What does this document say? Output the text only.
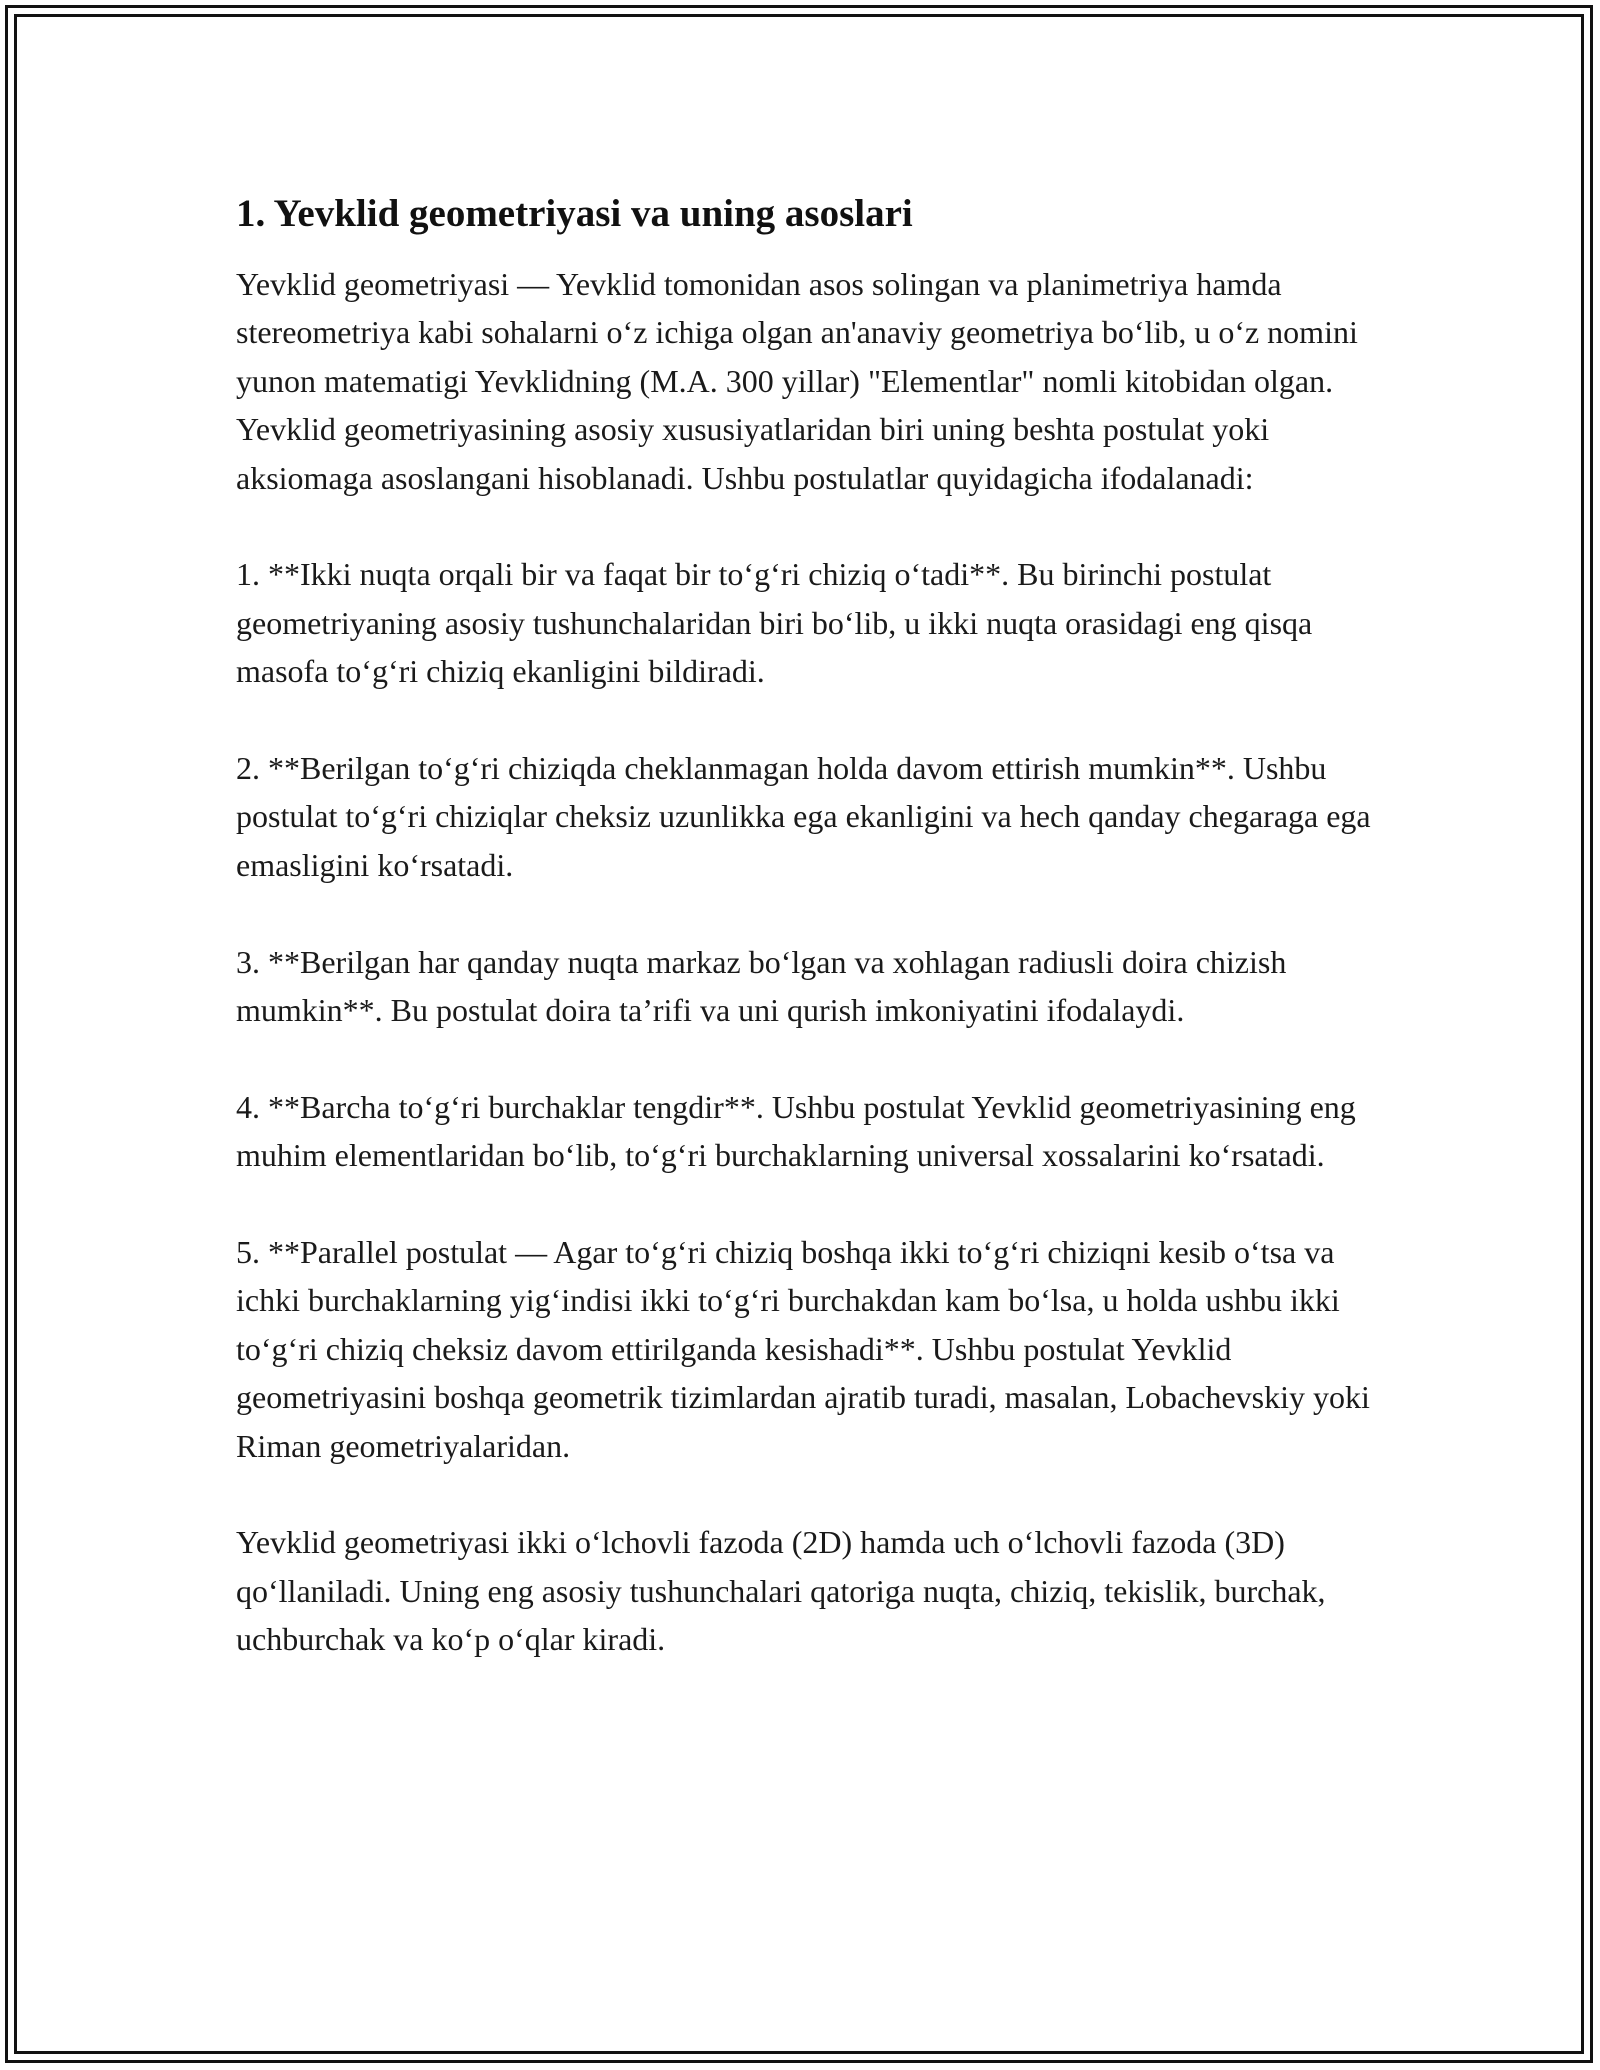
1. Yevklid geometriyasi va uning asoslari

Yevklid geometriyasi — Yevklid tomonidan asos solingan va planimetriya hamda stereometriya kabi sohalarni o‘z ichiga olgan an'anaviy geometriya bo‘lib, u o‘z nomini yunon matematigi Yevklidning (M.A. 300 yillar) "Elementlar" nomli kitobidan olgan. Yevklid geometriyasining asosiy xususiyatlaridan biri uning beshta postulat yoki aksiomaga asoslangani hisoblanadi. Ushbu postulatlar quyidagicha ifodalanadi:

1. **Ikki nuqta orqali bir va faqat bir to‘g‘ri chiziq o‘tadi**. Bu birinchi postulat geometriyaning asosiy tushunchalaridan biri bo‘lib, u ikki nuqta orasidagi eng qisqa masofa to‘g‘ri chiziq ekanligini bildiradi.

2. **Berilgan to‘g‘ri chiziqda cheklanmagan holda davom ettirish mumkin**. Ushbu postulat to‘g‘ri chiziqlar cheksiz uzunlikka ega ekanligini va hech qanday chegaraga ega emasligini ko‘rsatadi.

3. **Berilgan har qanday nuqta markaz bo‘lgan va xohlagan radiusli doira chizish mumkin**. Bu postulat doira ta’rifi va uni qurish imkoniyatini ifodalaydi.

4. **Barcha to‘g‘ri burchaklar tengdir**. Ushbu postulat Yevklid geometriyasining eng muhim elementlaridan bo‘lib, to‘g‘ri burchaklarning universal xossalarini ko‘rsatadi.

5. **Parallel postulat — Agar to‘g‘ri chiziq boshqa ikki to‘g‘ri chiziqni kesib o‘tsa va ichki burchaklarning yig‘indisi ikki to‘g‘ri burchakdan kam bo‘lsa, u holda ushbu ikki to‘g‘ri chiziq cheksiz davom ettirilganda kesishadi**. Ushbu postulat Yevklid geometriyasini boshqa geometrik tizimlardan ajratib turadi, masalan, Lobachevskiy yoki Riman geometriyalaridan.

Yevklid geometriyasi ikki o‘lchovli fazoda (2D) hamda uch o‘lchovli fazoda (3D) qo‘llaniladi. Uning eng asosiy tushunchalari qatoriga nuqta, chiziq, tekislik, burchak, uchburchak va ko‘p o‘qlar kiradi.
